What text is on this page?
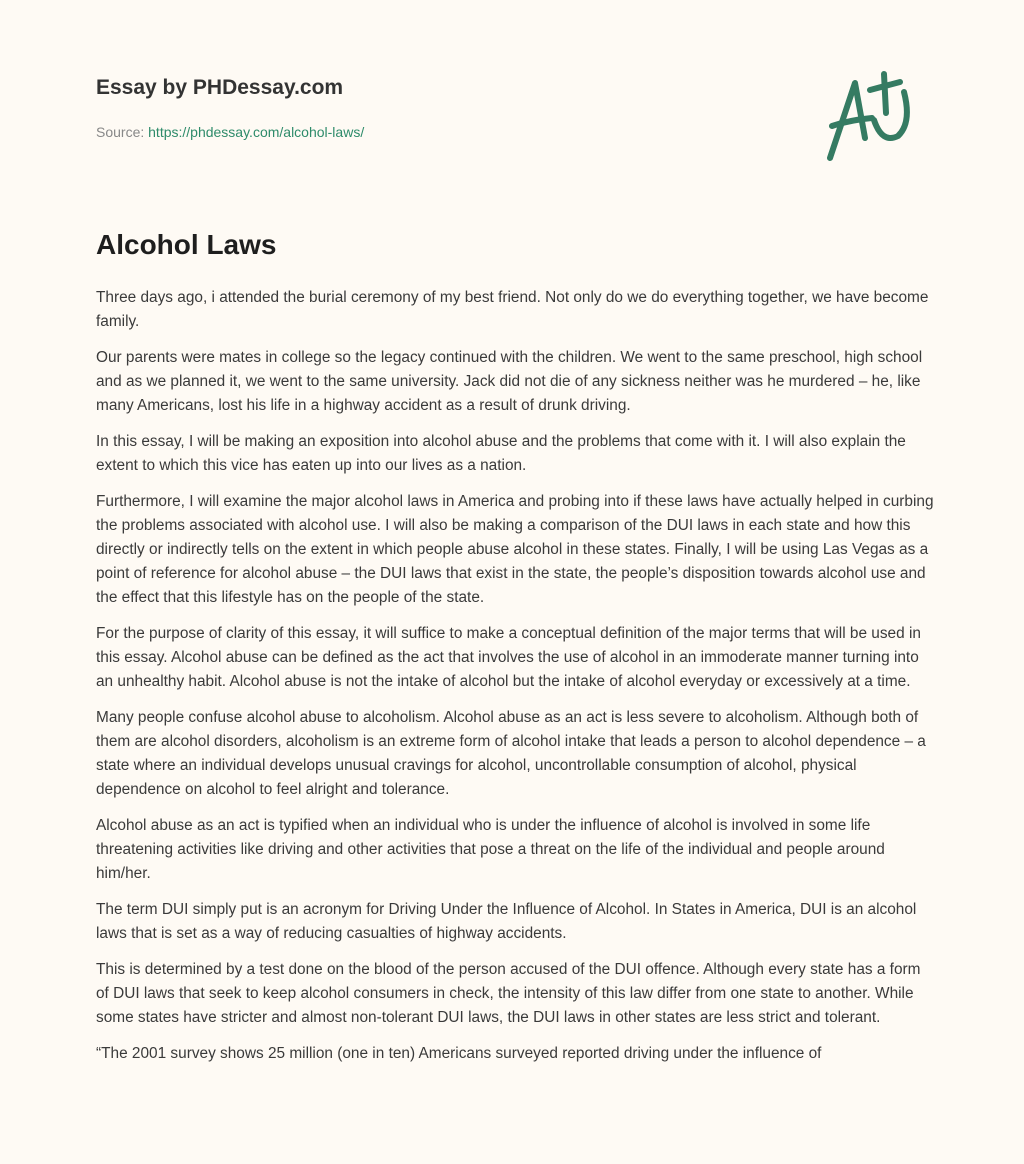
Essay by PHDessay.com
Source: https://phdessay.com/alcohol-laws/
Alcohol Laws

Three days ago, i attended the burial ceremony of my best friend. Not only do we do everything together, we have become family.

Our parents were mates in college so the legacy continued with the children. We went to the same preschool, high school and as we planned it, we went to the same university. Jack did not die of any sickness neither was he murdered – he, like many Americans, lost his life in a highway accident as a result of drunk driving.

In this essay, I will be making an exposition into alcohol abuse and the problems that come with it. I will also explain the extent to which this vice has eaten up into our lives as a nation.

Furthermore, I will examine the major alcohol laws in America and probing into if these laws have actually helped in curbing the problems associated with alcohol use. I will also be making a comparison of the DUI laws in each state and how this directly or indirectly tells on the extent in which people abuse alcohol in these states. Finally, I will be using Las Vegas as a point of reference for alcohol abuse – the DUI laws that exist in the state, the people’s disposition towards alcohol use and the effect that this lifestyle has on the people of the state.

For the purpose of clarity of this essay, it will suffice to make a conceptual definition of the major terms that will be used in this essay. Alcohol abuse can be defined as the act that involves the use of alcohol in an immoderate manner turning into an unhealthy habit. Alcohol abuse is not the intake of alcohol but the intake of alcohol everyday or excessively at a time.

Many people confuse alcohol abuse to alcoholism. Alcohol abuse as an act is less severe to alcoholism. Although both of them are alcohol disorders, alcoholism is an extreme form of alcohol intake that leads a person to alcohol dependence – a state where an individual develops unusual cravings for alcohol, uncontrollable consumption of alcohol, physical dependence on alcohol to feel alright and tolerance.

Alcohol abuse as an act is typified when an individual who is under the influence of alcohol is involved in some life threatening activities like driving and other activities that pose a threat on the life of the individual and people around him/her.

The term DUI simply put is an acronym for Driving Under the Influence of Alcohol. In States in America, DUI is an alcohol laws that is set as a way of reducing casualties of highway accidents.

This is determined by a test done on the blood of the person accused of the DUI offence. Although every state has a form of DUI laws that seek to keep alcohol consumers in check, the intensity of this law differ from one state to another. While some states have stricter and almost non-tolerant DUI laws, the DUI laws in other states are less strict and tolerant.

“The 2001 survey shows 25 million (one in ten) Americans surveyed reported driving under the influence of
